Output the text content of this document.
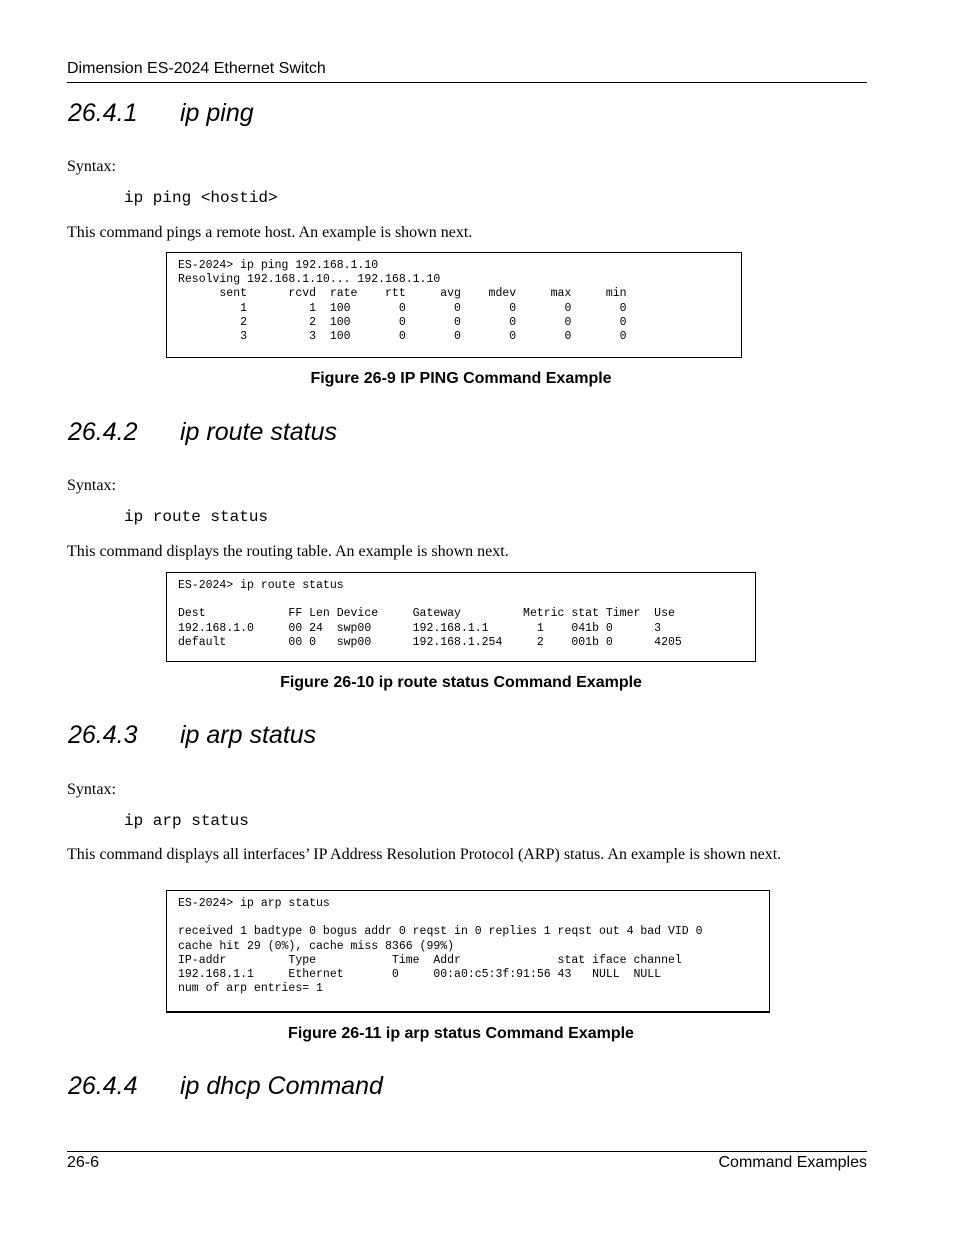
Dimension ES-2024 Ethernet Switch
26.4.1 ip ping
Syntax:
ip ping <hostid>
This command pings a remote host. An example is shown next.
ES-2024> ip ping 192.168.1.10
Resolving 192.168.1.10... 192.168.1.10
sent      rcvd  rate    rtt     avg    mdev     max     min
1         1  100       0       0       0       0       0
2         2  100       0       0       0       0       0
3         3  100       0       0       0       0       0
Figure 26-9 IP PING Command Example
26.4.2 ip route status
Syntax:
ip route status
This command displays the routing table. An example is shown next.
ES-2024> ip route status
Dest            FF Len Device     Gateway         Metric stat Timer  Use
192.168.1.0     00 24  swp00      192.168.1.1       1    041b 0      3
default         00 0   swp00      192.168.1.254     2    001b 0      4205
Figure 26-10 ip route status Command Example
26.4.3 ip arp status
Syntax:
ip arp status
This command displays all interfaces’ IP Address Resolution Protocol (ARP) status. An example is shown next.
ES-2024> ip arp status
received 1 badtype 0 bogus addr 0 reqst in 0 replies 1 reqst out 4 bad VID 0
cache hit 29 (0%), cache miss 8366 (99%)
IP-addr         Type           Time  Addr              stat iface channel
192.168.1.1     Ethernet       0     00:a0:c5:3f:91:56 43   NULL  NULL
num of arp entries= 1
Figure 26-11 ip arp status Command Example
26.4.4 ip dhcp Command
26-6	Command Examples
